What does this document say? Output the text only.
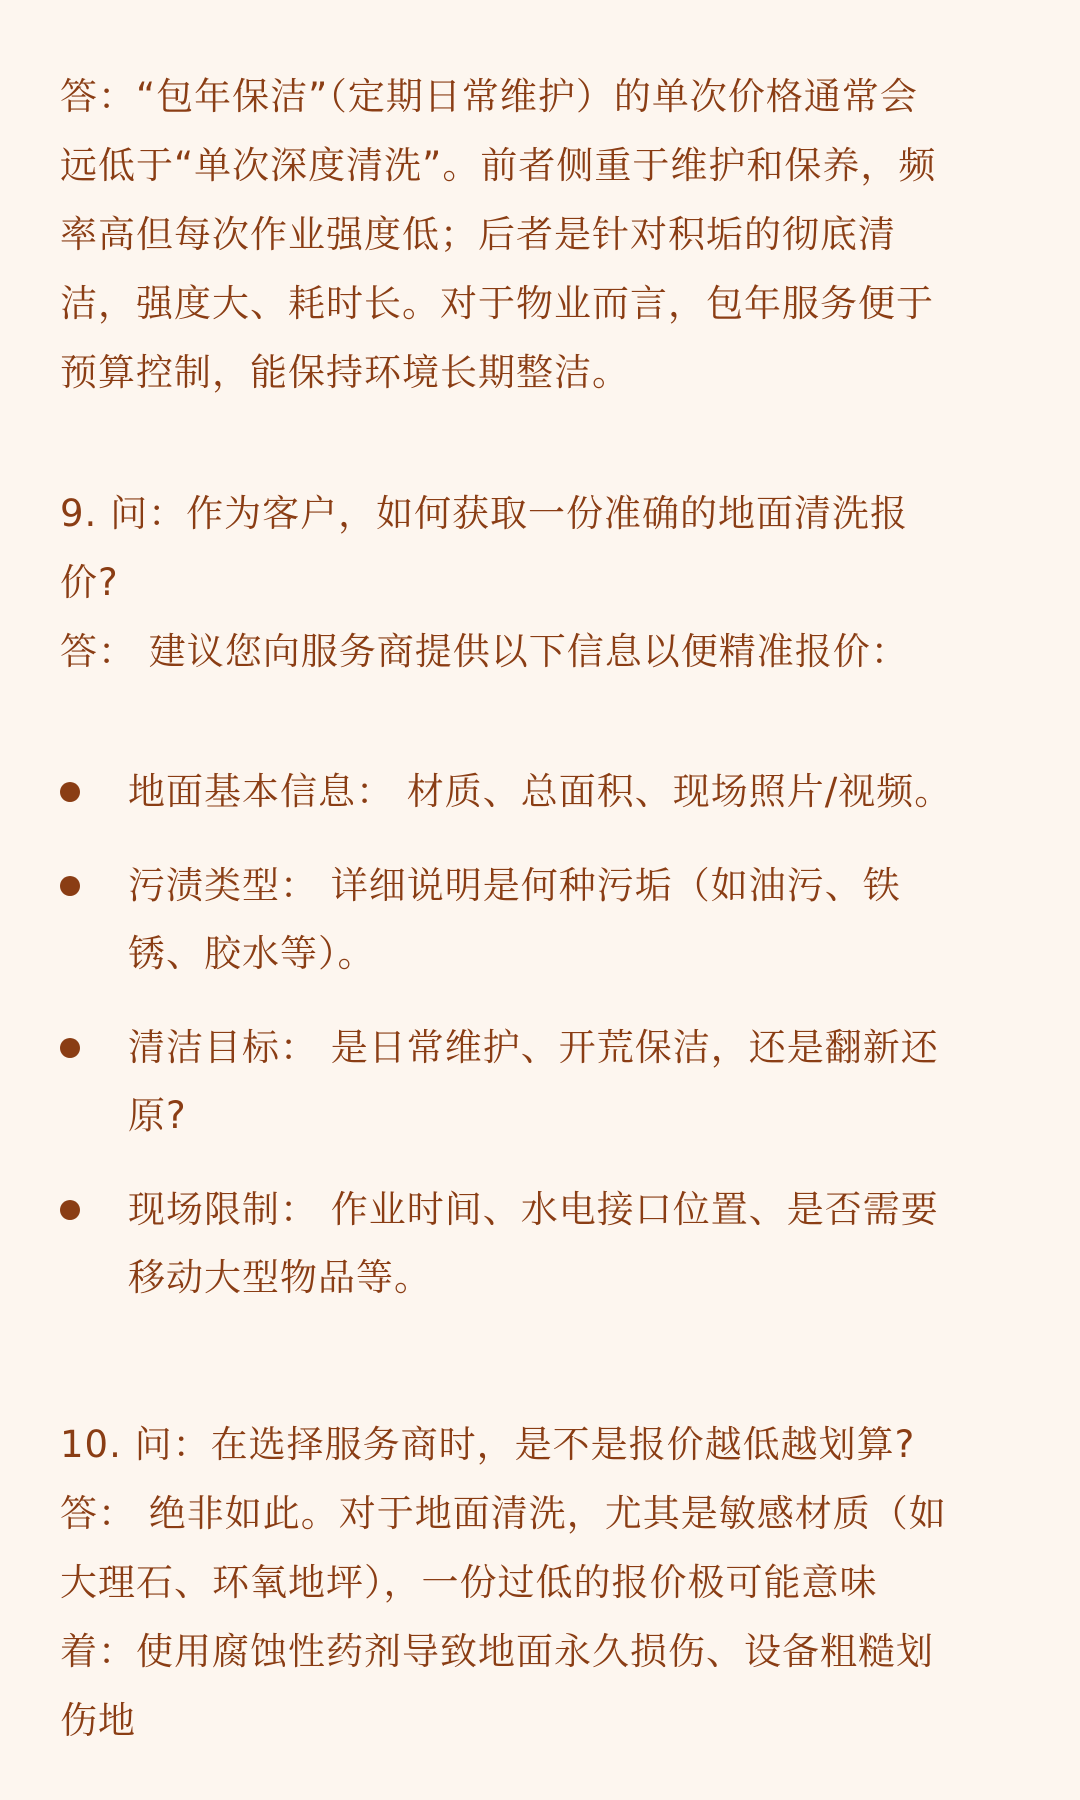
答：“包年保洁”（定期日常维护）的单次价格通常会
远低于“单次深度清洗”。前者侧重于维护和保养，频
率高但每次作业强度低；后者是针对积垢的彻底清
洁，强度大、耗时长。对于物业而言，包年服务便于
预算控制，能保持环境长期整洁。
9. 问：作为客户，如何获取一份准确的地面清洗报
价?
答： 建议您向服务商提供以下信息以便精准报价：
地面基本信息： 材质、总面积、现场照片/视频。
污渍类型： 详细说明是何种污垢（如油污、铁
锈、胶水等）。
清洁目标： 是日常维护、开荒保洁，还是翻新还
原?
现场限制： 作业时间、水电接口位置、是否需要
移动大型物品等。
10. 问：在选择服务商时，是不是报价越低越划算?
答： 绝非如此。对于地面清洗，尤其是敏感材质（如
大理石、环氧地坪），一份过低的报价极可能意味
着：使用腐蚀性药剂导致地面永久损伤、设备粗糙划
伤地
